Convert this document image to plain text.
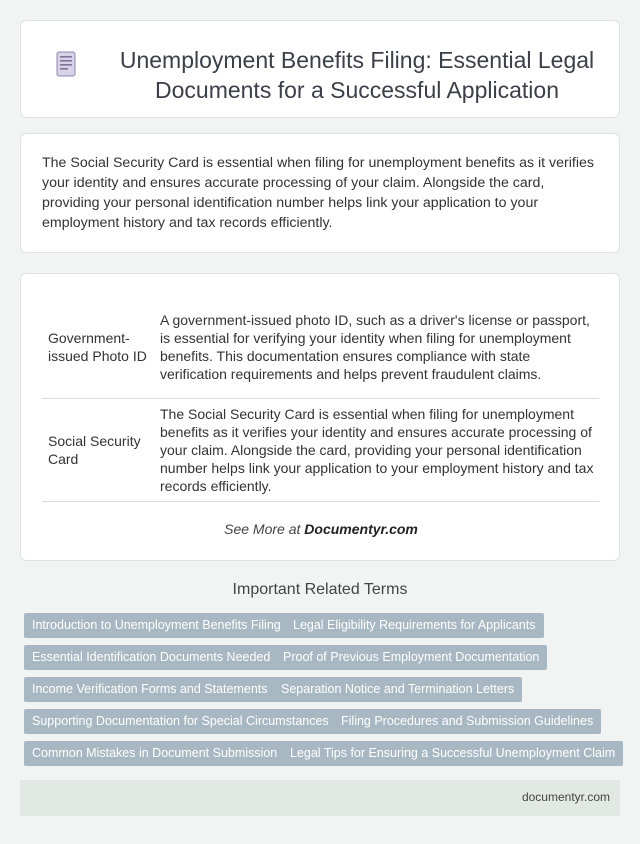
Unemployment Benefits Filing: Essential Legal Documents for a Successful Application
The Social Security Card is essential when filing for unemployment benefits as it verifies your identity and ensures accurate processing of your claim. Alongside the card, providing your personal identification number helps link your application to your employment history and tax records efficiently.
Government-issued Photo ID	A government-issued photo ID, such as a driver's license or passport, is essential for verifying your identity when filing for unemployment benefits. This documentation ensures compliance with state verification requirements and helps prevent fraudulent claims.
Social Security Card	The Social Security Card is essential when filing for unemployment benefits as it verifies your identity and ensures accurate processing of your claim. Alongside the card, providing your personal identification number helps link your application to your employment history and tax records efficiently.
See More at Documentyr.com
Important Related Terms
Introduction to Unemployment Benefits Filing Legal Eligibility Requirements for Applicants
Essential Identification Documents Needed	Proof of Previous Employment Documentation
Income Verification Forms and Statements	Separation Notice and Termination Letters
Supporting Documentation for Special Circumstances Filing Procedures and Submission Guidelines
Common Mistakes in Document Submission	Legal Tips for Ensuring a Successful Unemployment Claim
documentyr.com
